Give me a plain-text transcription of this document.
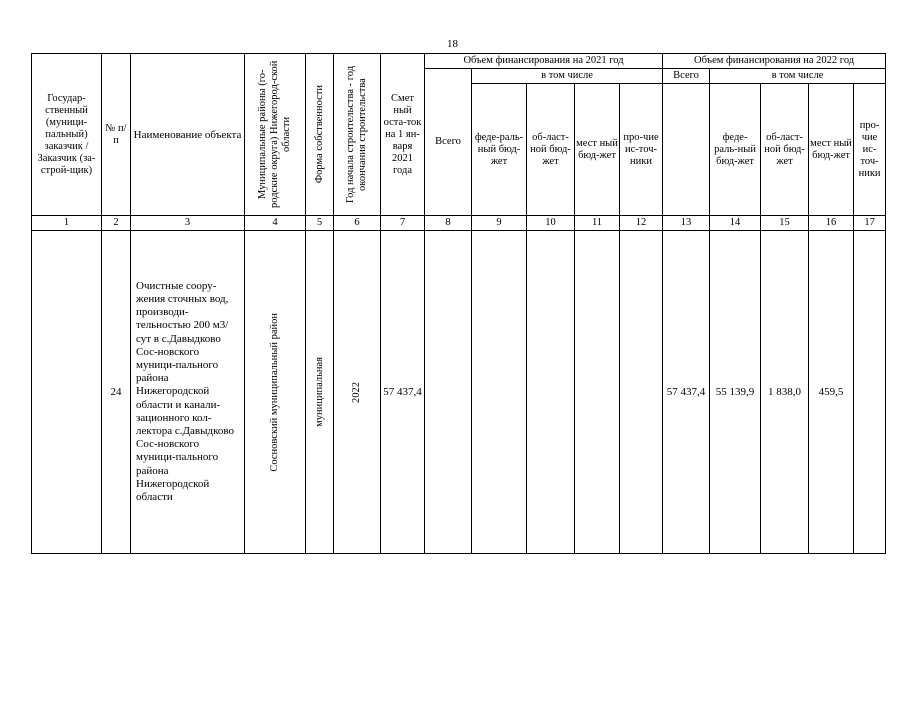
18
Государ-ственный (муници-пальный) заказчик /Заказчик (за-строй-щик)	№ п/п	Наименование объекта	Муниципальные районы (го-родские округа) Нижегород-ской области	Форма собственности	Год начала строительства - год окончания строительства	Смет ный оста-ток на 1 ян-варя 2021 года	Объем финансирования на 2021 год					Объем финансирования на 2022 год				
							Всего	в том числе				Всего	в том числе			
								феде-раль-ный бюд-жет	об-ласт-ной бюд-жет	мест ный бюд-жет	про-чие ис-точ-ники		феде-раль-ный бюд-жет	об-ласт-ной бюд-жет	мест ный бюд-жет	про-чие ис-точ-ники
1	2	3	4	5	6	7	8	9	10	11	12	13	14	15	16	17
	24	Очистные соору-жения сточных вод, производи-тельностью 200 м3/сут в с.Давыдково Сос-новского муници-пального района Нижегородской области и канали-зационного кол-лектора с.Давыдково Сос-новского муници-пального района Нижегородской области	Сосновский муниципальный район	муниципальная	2022	57 437,4						57 437,4	55 139,9	1 838,0	459,5	
